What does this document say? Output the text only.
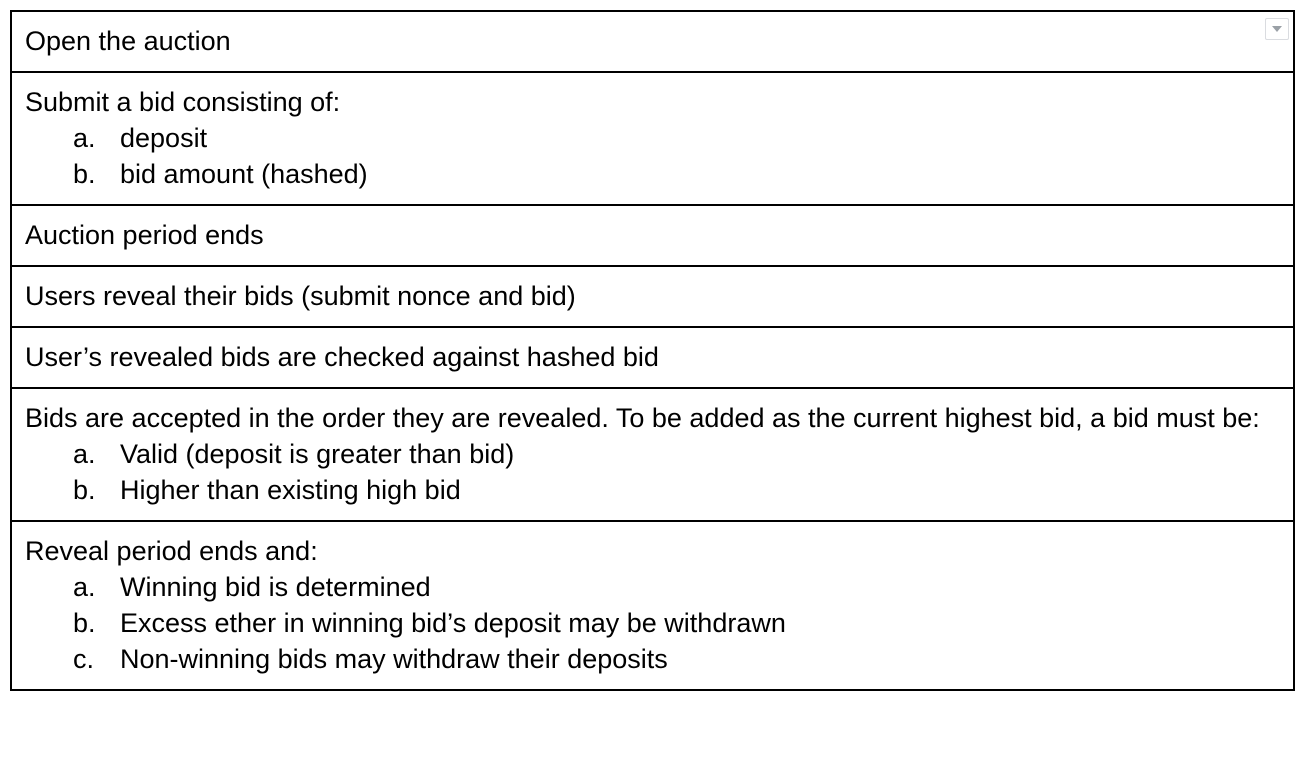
Open the auction

Submit a bid consisting of:
a. deposit
b. bid amount (hashed)

Auction period ends

Users reveal their bids (submit nonce and bid)

User’s revealed bids are checked against hashed bid

Bids are accepted in the order they are revealed. To be added as the current highest bid, a bid must be:
a. Valid (deposit is greater than bid)
b. Higher than existing high bid

Reveal period ends and:
a. Winning bid is determined
b. Excess ether in winning bid’s deposit may be withdrawn
c. Non-winning bids may withdraw their deposits
